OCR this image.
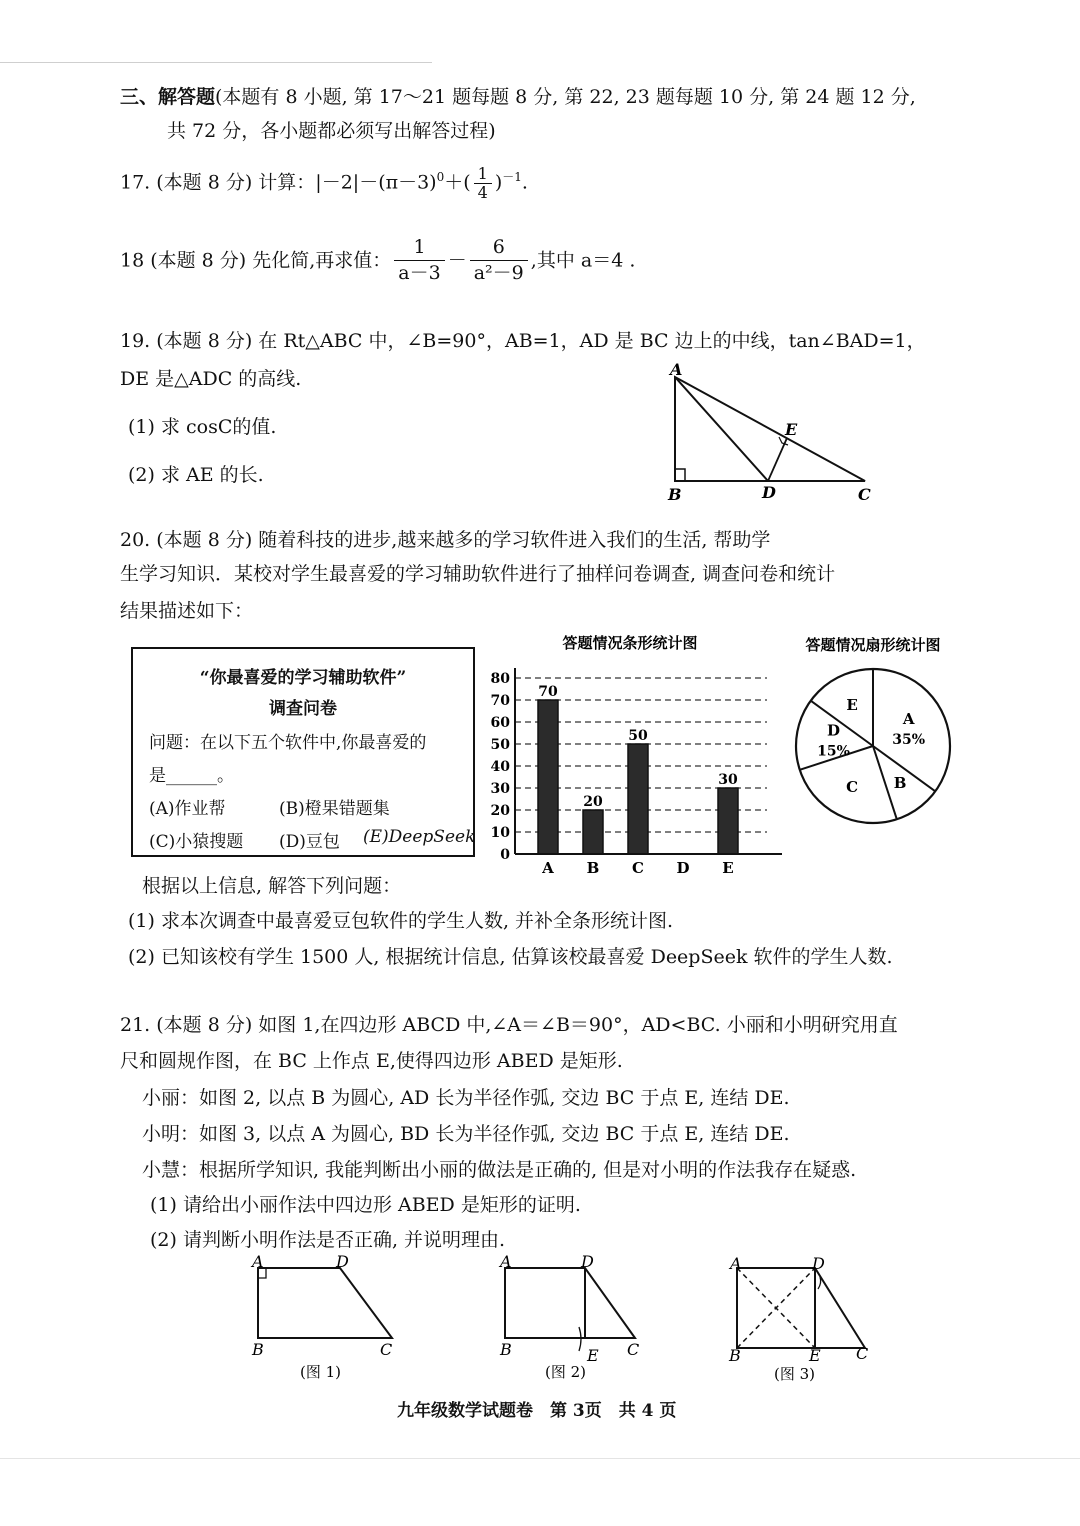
三、解答题(本题有 8 小题, 第 17～21 题每题 8 分, 第 22, 23 题每题 10 分, 第 24 题 12 分,
共 72 分，各小题都必须写出解答过程)
17. (本题 8 分) 计算：$|-2|-(\pi-3)^0+( \frac{1}{4} )^{-1}$.
18 (本题 8 分) 先化简,再求值： $\frac{1}{a-3} - \frac{6}{\text{a²－9}}$ ,其中 a＝4 .
19. (本题 8 分) 在 Rt△ABC 中，∠B=90°，AB=1，AD 是 BC 边上的中线，tan∠BAD=1，
DE 是△ADC 的高线.
(1) 求 cosC的值.
(2) 求 AE 的长.
A
B	C
D
E
20. (本题 8 分) 随着科技的进步,越来越多的学习软件进入我们的生活, 帮助学
生学习知识．某校对学生最喜爱的学习辅助软件进行了抽样问卷调查, 调查问卷和统计
结果描述如下：
“你最喜爱的学习辅助软件”
调查问卷
问题：在以下五个软件中,你最喜爱的
是______。
(A)作业帮	(B)橙果错题集
(C)小猿搜题 (D)豆包 (E)DeepSeek
答题情况条形统计图
0
10
20
30
40
50
60
70
80
A B C D E
70
20
50
30
答题情况扇形统计图
A
35%
B
C
D
15%
E
根据以上信息, 解答下列问题：
(1) 求本次调查中最喜爱豆包软件的学生人数, 并补全条形统计图.
(2) 已知该校有学生 1500 人, 根据统计信息, 估算该校最喜爱 DeepSeek 软件的学生人数.
21. (本题 8 分) 如图 1,在四边形 ABCD 中,∠A＝∠B＝90°，AD<BC. 小丽和小明研究用直
尺和圆规作图，在 BC 上作点 E,使得四边形 ABED 是矩形.
小丽：如图 2, 以点 B 为圆心, AD 长为半径作弧, 交边 BC 于点 E, 连结 DE.
小明：如图 3, 以点 A 为圆心, BD 长为半径作弧, 交边 BC 于点 E, 连结 DE.
小慧：根据所学知识, 我能判断出小丽的做法是正确的, 但是对小明的作法我存在疑惑.
(1) 请给出小丽作法中四边形 ABED 是矩形的证明.
(2) 请判断小明作法是否正确, 并说明理由.
A	D
B	C
(图 1)
A	D
B	E C
(图 2)
A	D
B	E C
(图 3)
九年级数学试题卷　第 3页　共 4 页
